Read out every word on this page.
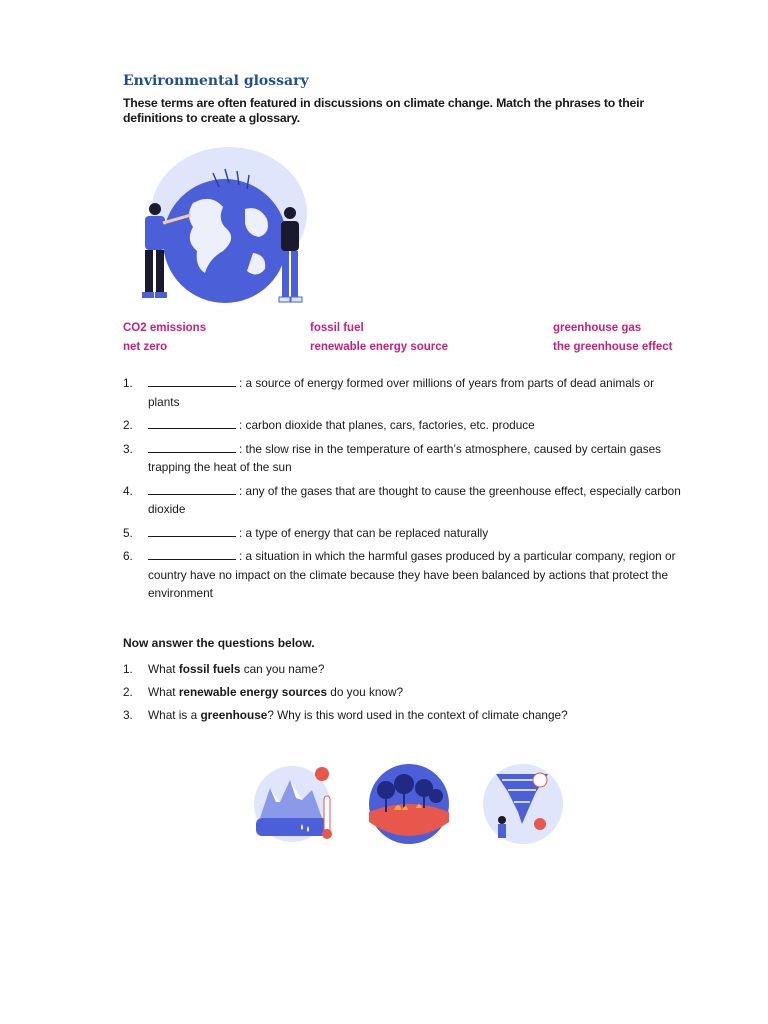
Environmental glossary
These terms are often featured in discussions on climate change. Match the phrases to their definitions to create a glossary.
CO2 emissions	fossil fuel	greenhouse gas
net zero	renewable energy source	the greenhouse effect
1.	: a source of energy formed over millions of years from parts of dead animals or plants
2.	: carbon dioxide that planes, cars, factories, etc. produce
3.	: the slow rise in the temperature of earth’s atmosphere, caused by certain gases trapping the heat of the sun
4.	: any of the gases that are thought to cause the greenhouse effect, especially carbon dioxide
5.	: a type of energy that can be replaced naturally
6.	: a situation in which the harmful gases produced by a particular company, region or country have no impact on the climate because they have been balanced by actions that protect the environment
Now answer the questions below.
1. What fossil fuels can you name?
2. What renewable energy sources do you know?
3. What is a greenhouse? Why is this word used in the context of climate change?
